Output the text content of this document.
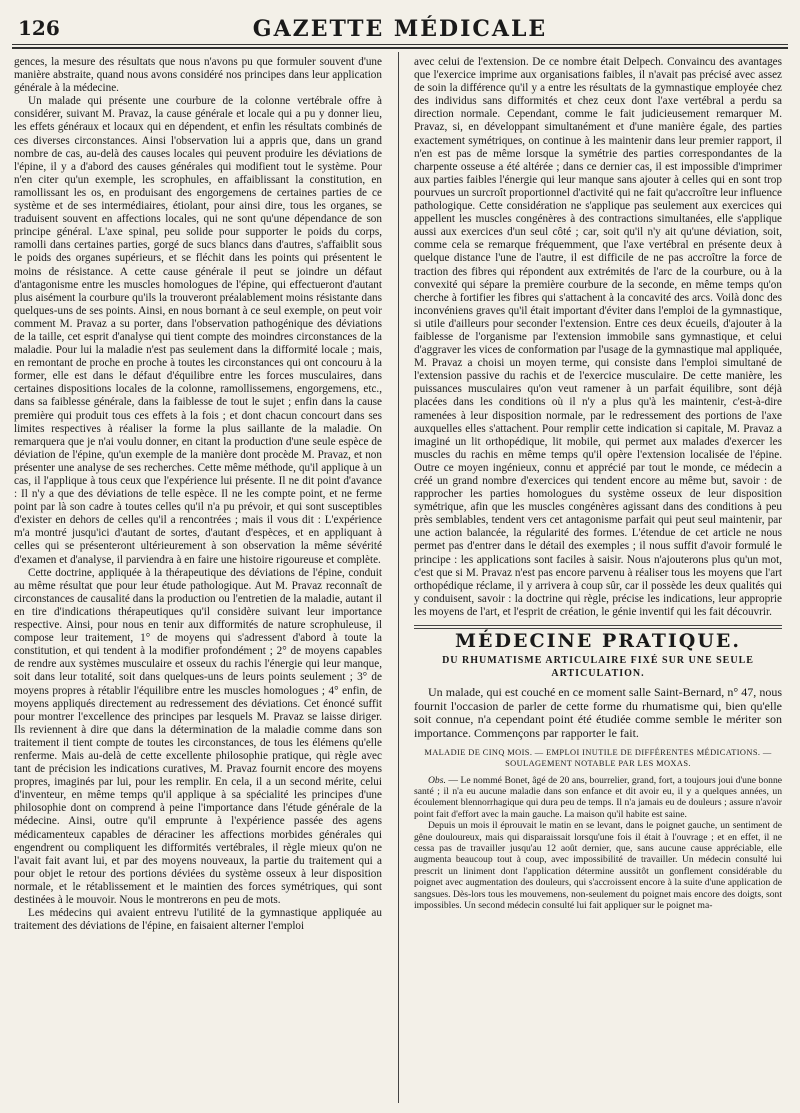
126	GAZETTE MÉDICALE

gences, la mesure des résultats que nous n'avons pu que formuler souvent d'une manière abstraite, quand nous avons considéré nos principes dans leur application générale à la médecine.

Un malade qui présente une courbure de la colonne vertébrale offre à considérer, suivant M. Pravaz, la cause générale et locale qui a pu y donner lieu, les effets généraux et locaux qui en dépendent, et enfin les résultats combinés de ces diverses circonstances. Ainsi l'observation lui a appris que, dans un grand nombre de cas, au-delà des causes locales qui peuvent produire les déviations de l'épine, il y a d'abord des causes générales qui modifient tout le système. Pour n'en citer qu'un exemple, les scrophules, en affaiblissant la constitution, en ramollissant les os, en produisant des engorgemens de certaines parties de ce système et de ses intermédiaires, étiolant, pour ainsi dire, tous les organes, se traduisent souvent en affections locales, qui ne sont qu'une dépendance de son principe général. L'axe spinal, peu solide pour supporter le poids du corps, ramolli dans certaines parties, gorgé de sucs blancs dans d'autres, s'affaiblit sous le poids des organes supérieurs, et se fléchit dans les points qui présentent le moins de résistance. A cette cause générale il peut se joindre un défaut d'antagonisme entre les muscles homologues de l'épine, qui effectueront d'autant plus aisément la courbure qu'ils la trouveront préalablement moins résistante dans quelques-uns de ses points. Ainsi, en nous bornant à ce seul exemple, on peut voir comment M. Pravaz a su porter, dans l'observation pathogénique des déviations de la taille, cet esprit d'analyse qui tient compte des moindres circonstances de la maladie. Pour lui la maladie n'est pas seulement dans la difformité locale ; mais, en remontant de proche en proche à toutes les circonstances qui ont concouru à la former, elle est dans le défaut d'équilibre entre les forces musculaires, dans certaines dispositions locales de la colonne, ramollissemens, engorgemens, etc., dans sa faiblesse générale, dans la faiblesse de tout le sujet ; enfin dans la cause première qui produit tous ces effets à la fois ; et dont chacun concourt dans ses limites respectives à réaliser la forme la plus saillante de la maladie. On remarquera que je n'ai voulu donner, en citant la production d'une seule espèce de déviation de l'épine, qu'un exemple de la manière dont procède M. Pravaz, et non présenter une analyse de ses recherches. Cette même méthode, qu'il applique à un cas, il l'applique à tous ceux que l'expérience lui présente. Il ne dit point d'avance : Il n'y a que des déviations de telle espèce. Il ne les compte point, et ne ferme point par là son cadre à toutes celles qu'il n'a pu prévoir, et qui sont susceptibles d'exister en dehors de celles qu'il a rencontrées ; mais il vous dit : L'expérience m'a montré jusqu'ici d'autant de sortes, d'autant d'espèces, et en appliquant à celles qui se présenteront ultérieurement à son observation la même sévérité d'examen et d'analyse, il parviendra à en faire une histoire rigoureuse et complète.

Cette doctrine, appliquée à la thérapeutique des déviations de l'épine, conduit au même résultat que pour leur étude pathologique. Aut M. Pravaz reconnaît de circonstances de causalité dans la production ou l'entretien de la maladie, autant il en tire d'indications thérapeutiques qu'il considère suivant leur importance respective. Ainsi, pour nous en tenir aux difformités de nature scrophuleuse, il compose leur traitement, 1° de moyens qui s'adressent d'abord à toute la constitution, et qui tendent à la modifier profondément ; 2° de moyens capables de rendre aux systèmes musculaire et osseux du rachis l'énergie qui leur manque, soit dans leur totalité, soit dans quelques-uns de leurs points seulement ; 3° de moyens propres à rétablir l'équilibre entre les muscles homologues ; 4° enfin, de moyens appliqués directement au redressement des déviations. Cet énoncé suffit pour montrer l'excellence des principes par lesquels M. Pravaz se laisse diriger. Ils reviennent à dire que dans la détermination de la maladie comme dans son traitement il tient compte de toutes les circonstances, de tous les élémens qu'elle renferme. Mais au-delà de cette excellente philosophie pratique, qui règle avec tant de précision les indications curatives, M. Pravaz fournit encore des moyens propres, imaginés par lui, pour les remplir. En cela, il a un second mérite, celui d'inventeur, en même temps qu'il applique à sa spécialité les principes d'une philosophie dont on comprend à peine l'importance dans l'étude générale de la médecine. Ainsi, outre qu'il emprunte à l'expérience passée des agens médicamenteux capables de déraciner les affections morbides générales qui engendrent ou compliquent les difformités vertébrales, il règle mieux qu'on ne l'avait fait avant lui, et par des moyens nouveaux, la partie du traitement qui a pour objet le retour des portions déviées du système osseux à leur disposition normale, et le rétablissement et le maintien des forces symétriques, qui sont destinées à le mouvoir. Nous le montrerons en peu de mots.

Les médecins qui avaient entrevu l'utilité de la gymnastique appliquée au traitement des déviations de l'épine, en faisaient alterner l'emploi

avec celui de l'extension. De ce nombre était Delpech. Convaincu des avantages que l'exercice imprime aux organisations faibles, il n'avait pas précisé avec assez de soin la différence qu'il y a entre les résultats de la gymnastique employée chez des individus sans difformités et chez ceux dont l'axe vertébral a perdu sa direction normale. Cependant, comme le fait judicieusement remarquer M. Pravaz, si, en développant simultanément et d'une manière égale, des parties exactement symétriques, on continue à les maintenir dans leur premier rapport, il n'en est pas de même lorsque la symétrie des parties correspondantes de la charpente osseuse a été altérée ; dans ce dernier cas, il est impossible d'imprimer aux parties faibles l'énergie qui leur manque sans ajouter à celles qui en sont trop pourvues un surcroît proportionnel d'activité qui ne fait qu'accroître leur influence pathologique. Cette considération ne s'applique pas seulement aux exercices qui appellent les muscles congénères à des contractions simultanées, elle s'applique aussi aux exercices d'un seul côté ; car, soit qu'il n'y ait qu'une déviation, soit, comme cela se remarque fréquemment, que l'axe vertébral en présente deux à quelque distance l'une de l'autre, il est difficile de ne pas accroître la force de traction des fibres qui répondent aux extrémités de l'arc de la courbure, ou à la convexité qui sépare la première courbure de la seconde, en même temps qu'on cherche à fortifier les fibres qui s'attachent à la concavité des arcs. Voilà donc des inconvéniens graves qu'il était important d'éviter dans l'emploi de la gymnastique, si utile d'ailleurs pour seconder l'extension. Entre ces deux écueils, d'ajouter à la faiblesse de l'organisme par l'extension immobile sans gymnastique, et celui d'aggraver les vices de conformation par l'usage de la gymnastique mal appliquée, M. Pravaz a choisi un moyen terme, qui consiste dans l'emploi simultané de l'extension passive du rachis et de l'exercice musculaire. De cette manière, les puissances musculaires qu'on veut ramener à un parfait équilibre, sont déjà placées dans les conditions où il n'y a plus qu'à les maintenir, c'est-à-dire ramenées à leur disposition normale, par le redressement des portions de l'axe auxquelles elles s'attachent. Pour remplir cette indication si capitale, M. Pravaz a imaginé un lit orthopédique, lit mobile, qui permet aux malades d'exercer les muscles du rachis en même temps qu'il opère l'extension localisée de l'épine. Outre ce moyen ingénieux, connu et apprécié par tout le monde, ce médecin a créé un grand nombre d'exercices qui tendent encore au même but, savoir : de rapprocher les parties homologues du système osseux de leur disposition symétrique, afin que les muscles congénères agissant dans des conditions à peu près semblables, tendent vers cet antagonisme parfait qui peut seul maintenir, par une action balancée, la régularité des formes. L'étendue de cet article ne nous permet pas d'entrer dans le détail des exemples ; il nous suffit d'avoir formulé le principe : les applications sont faciles à saisir. Nous n'ajouterons plus qu'un mot, c'est que si M. Pravaz n'est pas encore parvenu à réaliser tous les moyens que l'art orthopédique réclame, il y arrivera à coup sûr, car il possède les deux qualités qui y conduisent, savoir : la doctrine qui règle, précise les indications, leur approprie les moyens de l'art, et l'esprit de création, le génie inventif qui les fait découvrir.

MÉDECINE PRATIQUE.
DU RHUMATISME ARTICULAIRE FIXÉ SUR UNE SEULE
ARTICULATION.

Un malade, qui est couché en ce moment salle Saint-Bernard, n° 47, nous fournit l'occasion de parler de cette forme du rhumatisme qui, bien qu'elle soit connue, n'a cependant point été étudiée comme semble le mériter son importance. Commençons par rapporter le fait.

MALADIE DE CINQ MOIS. — EMPLOI INUTILE DE DIFFÉRENTES MÉDICATIONS. —
SOULAGEMENT NOTABLE PAR LES MOXAS.

Obs. — Le nommé Bonet, âgé de 20 ans, bourrelier, grand, fort, a toujours joui d'une bonne santé ; il n'a eu aucune maladie dans son enfance et dit avoir eu, il y a quelques années, un écoulement blennorrhagique qui dura peu de temps. Il n'a jamais eu de douleurs ; assure n'avoir point fait d'effort avec la main gauche. La maison qu'il habite est saine.

Depuis un mois il éprouvait le matin en se levant, dans le poignet gauche, un sentiment de gêne douloureux, mais qui disparaissait lorsqu'une fois il était à l'ouvrage ; et en effet, il ne cessa pas de travailler jusqu'au 12 août dernier, que, sans aucune cause appréciable, elle augmenta beaucoup tout à coup, avec impossibilité de travailler. Un médecin consulté lui prescrit un liniment dont l'application détermine aussitôt un gonflement considérable du poignet avec augmentation des douleurs, qui s'accroissent encore à la suite d'une application de sangsues. Dès-lors tous les mouvemens, non-seulement du poignet mais encore des doigts, sont impossibles. Un second médecin consulté lui fait appliquer sur le poignet ma-
